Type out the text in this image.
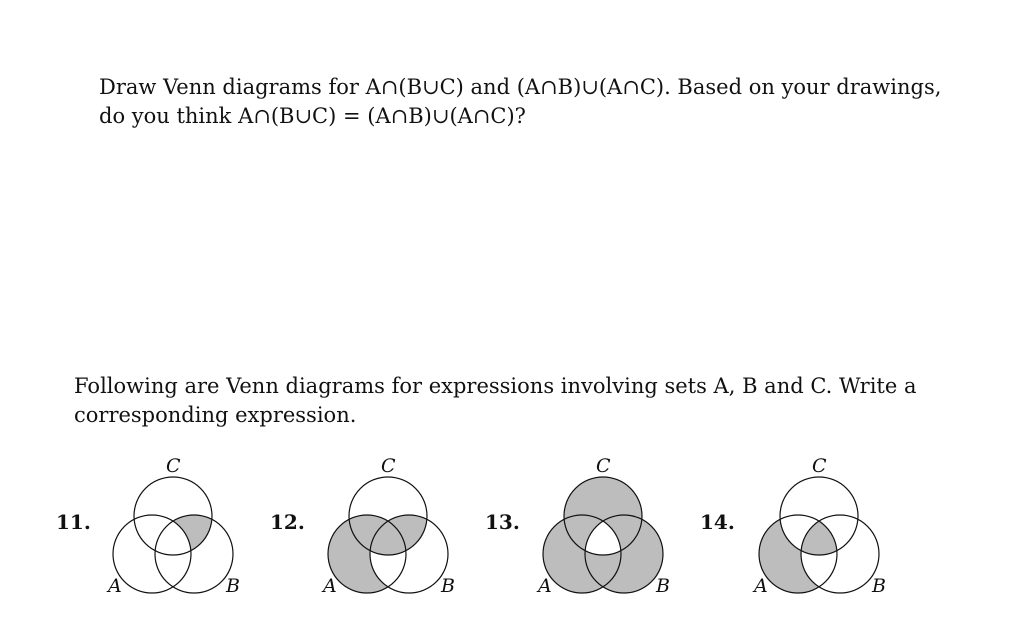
Draw Venn diagrams for A∩(B∪C) and (A∩B)∪(A∩C). Based on your drawings,
do you think A∩(B∪C) = (A∩B)∪(A∩C)?
Following are Venn diagrams for expressions involving sets A, B and C. Write a
corresponding expression.
11.	12.	13.	14.
C
A	B
C
A	B
C
A	B
C
A	B
